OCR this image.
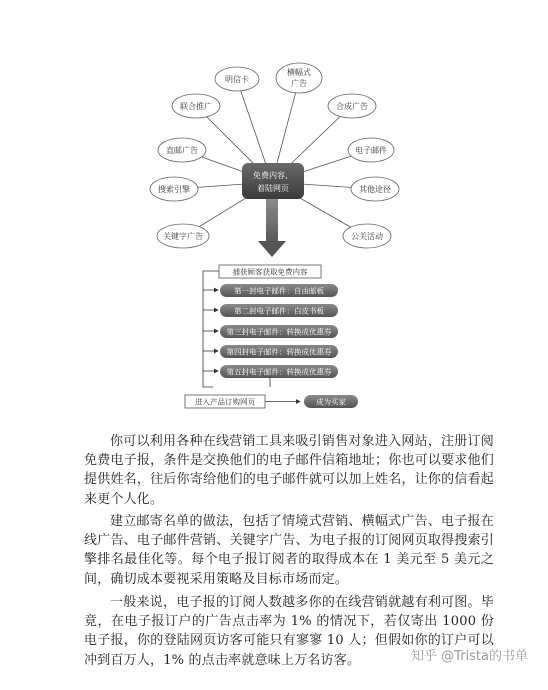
明信卡
横幅式
广告
合成广告
电子邮件
其他途径
公关活动
关键字广告
搜索引擎
直邮广告
联合推广
免费内容、
着陆网页
捕获顾客获取免费内容
第一封电子邮件：自由邮板
第二封电子邮件：白皮书板
第三封电子邮件：转换成优惠券
第四封电子邮件：转换成优惠券
第五封电子邮件：转换成优惠券
进入产品订购网页	成为买家

你可以利用各种在线营销工具来吸引销售对象进入网站，注册订阅免费电子报，条件是交换他们的电子邮件信箱地址；你也可以要求他们提供姓名，往后你寄给他们的电子邮件就可以加上姓名，让你的信看起来更个人化。

建立邮寄名单的做法，包括了情境式营销、横幅式广告、电子报在线广告、电子邮件营销、关键字广告、为电子报的订阅网页取得搜索引擎排名最佳化等。每个电子报订阅者的取得成本在 1 美元至 5 美元之间，确切成本要视采用策略及目标市场而定。

一般来说，电子报的订阅人数越多你的在线营销就越有利可图。毕竟，在电子报订户的广告点击率为 1% 的情况下，若仅寄出 1000 份电子报，你的登陆网页访客可能只有寥寥 10 人；但假如你的订户可以冲到百万人，1% 的点击率就意味上万名访客。	知乎 @Trista的书单
